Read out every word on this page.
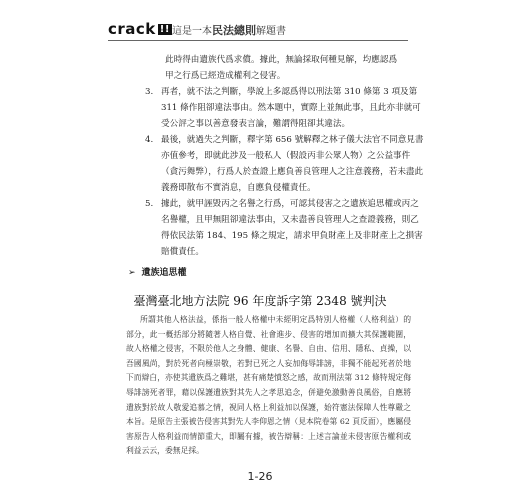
crack !! 這是一本民法總則解題書
此時得由遺族代爲求償。據此，無論採取何種見解，均應認爲
甲之行爲已經造成權利之侵害。
3. 再者，就不法之判斷，學說上多認爲得以刑法第 310 條第 3 項及第 311 條作阻卻違法事由。然本題中，實際上並無此事，且此亦非就可受公評之事以善意發表言論，難謂得阻卻其違法。
4. 最後，就過失之判斷，釋字第 656 號解釋之林子儀大法官不同意見書亦值參考，即就此涉及一般私人（假設丙非公眾人物）之公益事件（貪污舞弊），行爲人於查證上應負善良管理人之注意義務，若未盡此義務即散布不實消息，自應負侵權責任。
5. 據此，就甲誣毀丙之名譽之行爲，可認其侵害之之遺族追思權或丙之名譽權，且甲無阻卻違法事由，又未盡善良管理人之查證義務，則乙得依民法第 184、195 條之規定，請求甲負財產上及非財產上之損害賠償責任。
➢ 遺族追思權
臺灣臺北地方法院 96 年度訴字第 2348 號判決

所謂其他人格法益，係指一般人格權中未經明定爲特別人格權（人格利益）的部分，此一概括部分將隨著人格自覺、社會進步、侵害的增加而擴大其保護範圍，故人格權之侵害，不限於他人之身體、健康、名譽、自由、信用、隱私、貞操，以吾國風尚，對於死者向極崇敬，若對已死之人妄加侮辱誹謗，非獨不能起死者於地下而辯白，亦使其遺族爲之難堪，甚有痛楚憤怒之感，故而刑法第 312 條特規定侮辱誹謗死者罪，藉以保護遺族對其先人之孝思追念，併避免激動善良風俗，自應將遺族對於故人敬愛追慕之情，視同人格上利益加以保護，始符憲法保障人性尊嚴之本旨。是原告主張被告侵害其對先人李仰恩之情（見本院卷第 62 頁反面），應屬侵害原告人格利益而情節重大，即屬有據，被告辯稱：上述言論並未侵害原告權利或利益云云，委無足採。

1-26
